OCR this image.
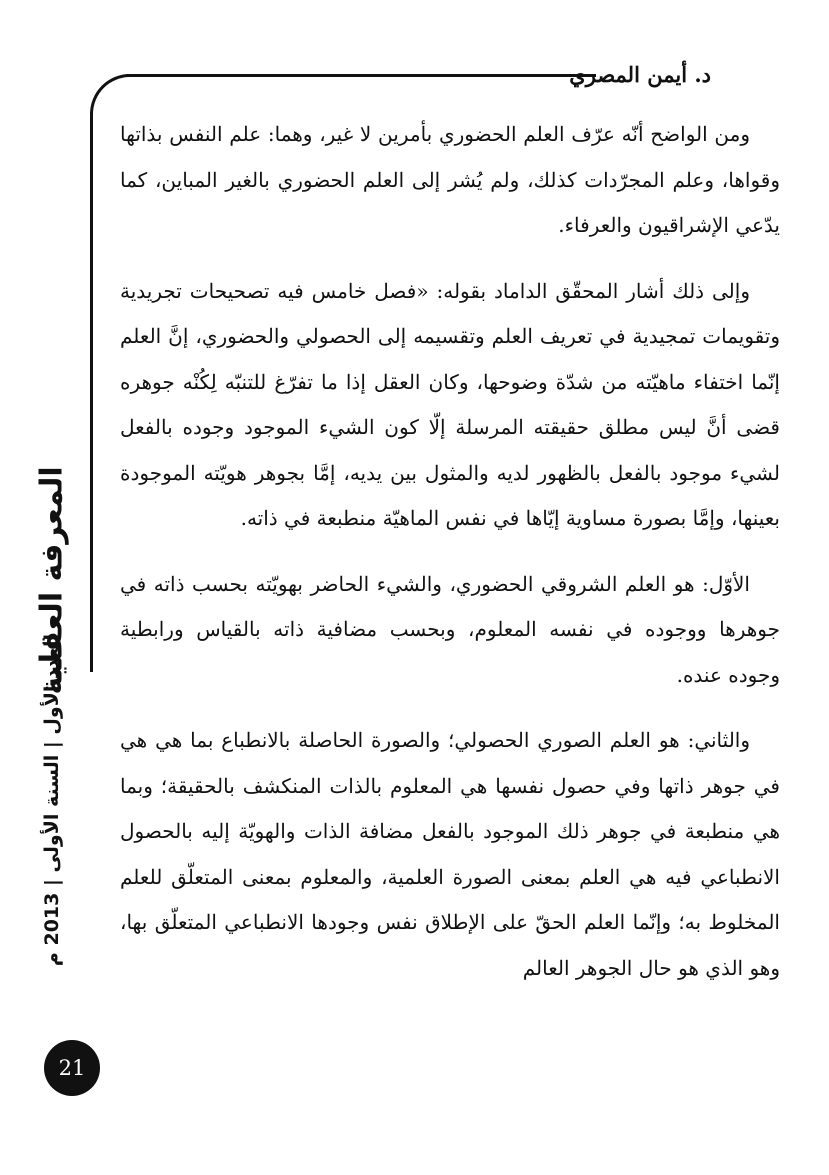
د. أيمن المصري
المعرفة العقلية
العدد الأول | السنة الأولى | 2013 م
21

ومن الواضح أنّه عرّف العلم الحضوري بأمرين لا غير، وهما: علم النفس بذاتها وقواها، وعلم المجرّدات كذلك، ولم يُشر إلى العلم الحضوري بالغير المباين، كما يدّعي الإشراقيون والعرفاء.

وإلى ذلك أشار المحقّق الداماد بقوله: «فصل خامس فيه تصحيحات تجريدية وتقويمات تمجيدية في تعريف العلم وتقسيمه إلى الحصولي والحضوري، إنَّ العلم إنّما اختفاء ماهيّته من شدّة وضوحها، وكان العقل إذا ما تفرّغ للتنبّه لِكُنْه جوهره قضى أنَّ ليس مطلق حقيقته المرسلة إلّا كون الشيء الموجود وجوده بالفعل لشيء موجود بالفعل بالظهور لديه والمثول بين يديه، إمَّا بجوهر هويّته الموجودة بعينها، وإمَّا بصورة مساوية إيّاها في نفس الماهيّة منطبعة في ذاته.

الأوّل: هو العلم الشروقي الحضوري، والشيء الحاضر بهويّته بحسب ذاته في جوهرها ووجوده في نفسه المعلوم، وبحسب مضافية ذاته بالقياس ورابطية وجوده عنده.

والثاني: هو العلم الصوري الحصولي؛ والصورة الحاصلة بالانطباع بما هي هي في جوهر ذاتها وفي حصول نفسها هي المعلوم بالذات المنكشف بالحقيقة؛ وبما هي منطبعة في جوهر ذلك الموجود بالفعل مضافة الذات والهويّة إليه بالحصول الانطباعي فيه هي العلم بمعنى الصورة العلمية، والمعلوم بمعنى المتعلّق للعلم المخلوط به؛ وإنّما العلم الحقّ على الإطلاق نفس وجودها الانطباعي المتعلّق بها، وهو الذي هو حال الجوهر العالم
